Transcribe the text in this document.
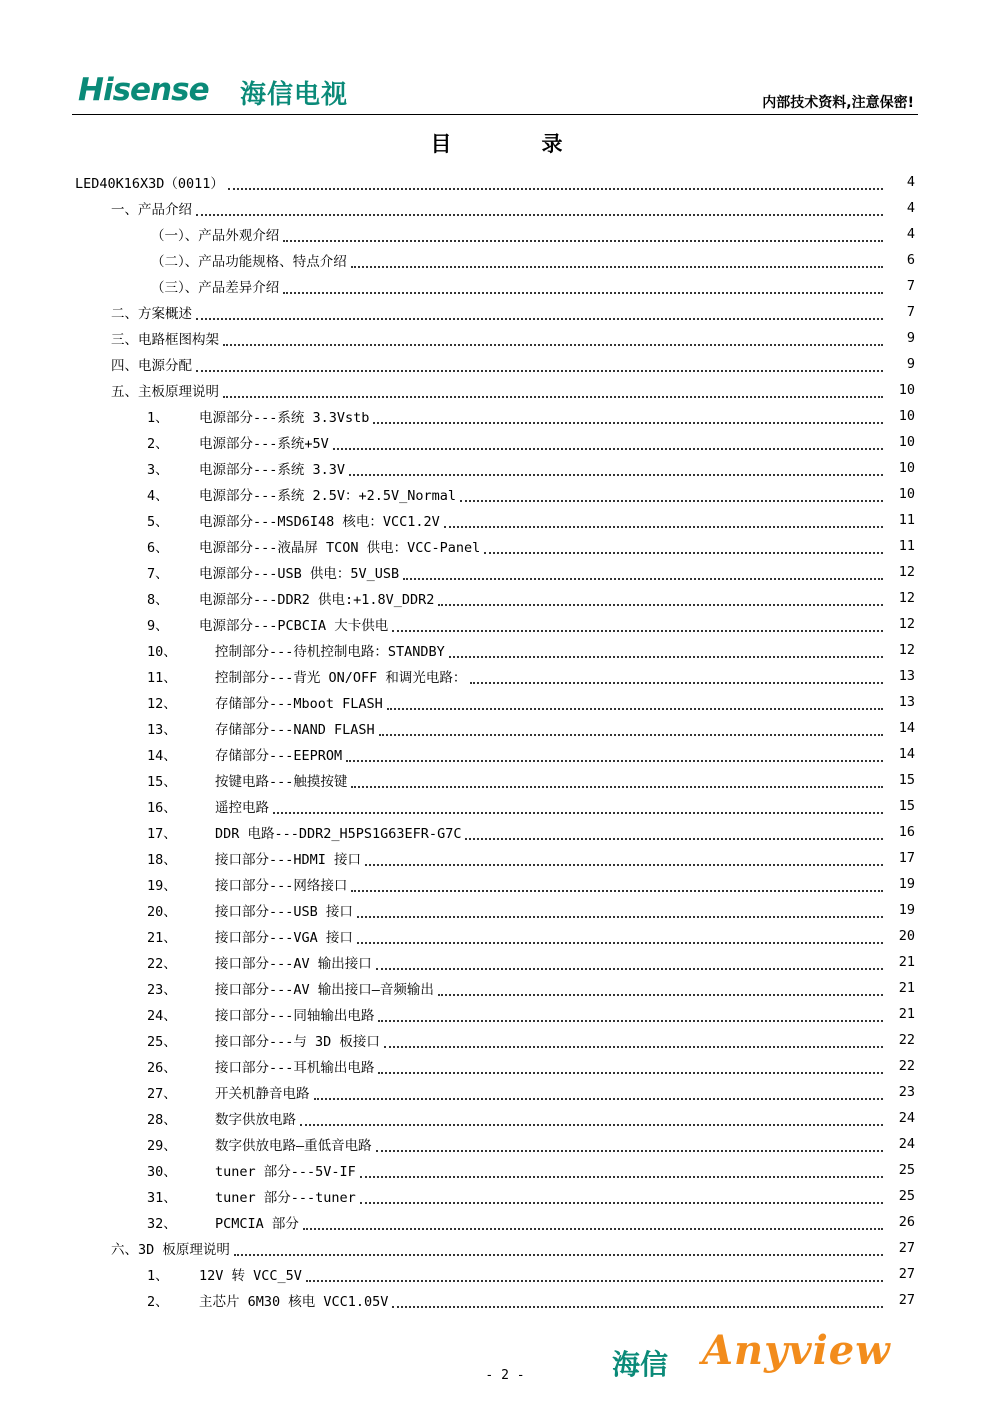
Hisense 海信电视	内部技术资料,注意保密!
目	录
LED40K16X3D（0011）	4
一、产品介绍	4
（一）、产品外观介绍	4
（二）、产品功能规格、特点介绍	6
（三）、产品差异介绍	7
二、方案概述	7
三、电路框图构架	9
四、电源分配	9
五、主板原理说明	10
1、	电源部分---系统 3.3Vstb	10
2、	电源部分---系统+5V	10
3、	电源部分---系统 3.3V	10
4、	电源部分---系统 2.5V：+2.5V_Normal	10
5、	电源部分---MSD6I48 核电：VCC1.2V	11
6、	电源部分---液晶屏 TCON 供电：VCC-Panel	11
7、	电源部分---USB 供电：5V_USB	12
8、	电源部分---DDR2 供电:+1.8V_DDR2	12
9、	电源部分---PCBCIA 大卡供电	12
10、	控制部分---待机控制电路：STANDBY	12
11、	控制部分---背光 ON/OFF 和调光电路：	13
12、	存储部分---Mboot FLASH	13
13、	存储部分---NAND FLASH	14
14、	存储部分---EEPROM	14
15、	按键电路---触摸按键	15
16、	遥控电路	15
17、	DDR 电路---DDR2_H5PS1G63EFR-G7C	16
18、	接口部分---HDMI 接口	17
19、	接口部分---网络接口	19
20、	接口部分---USB 接口	19
21、	接口部分---VGA 接口	20
22、	接口部分---AV 输出接口	21
23、	接口部分---AV 输出接口—音频输出	21
24、	接口部分---同轴输出电路	21
25、	接口部分---与 3D 板接口	22
26、	接口部分---耳机输出电路	22
27、	开关机静音电路	23
28、	数字供放电路	24
29、	数字供放电路—重低音电路	24
30、	tuner 部分---5V-IF	25
31、	tuner 部分---tuner	25
32、	PCMCIA 部分	26
六、3D 板原理说明	27
1、	12V 转 VCC_5V	27
2、	主芯片 6M30 核电 VCC1.05V	27
海信 Anyview
- 2 -
